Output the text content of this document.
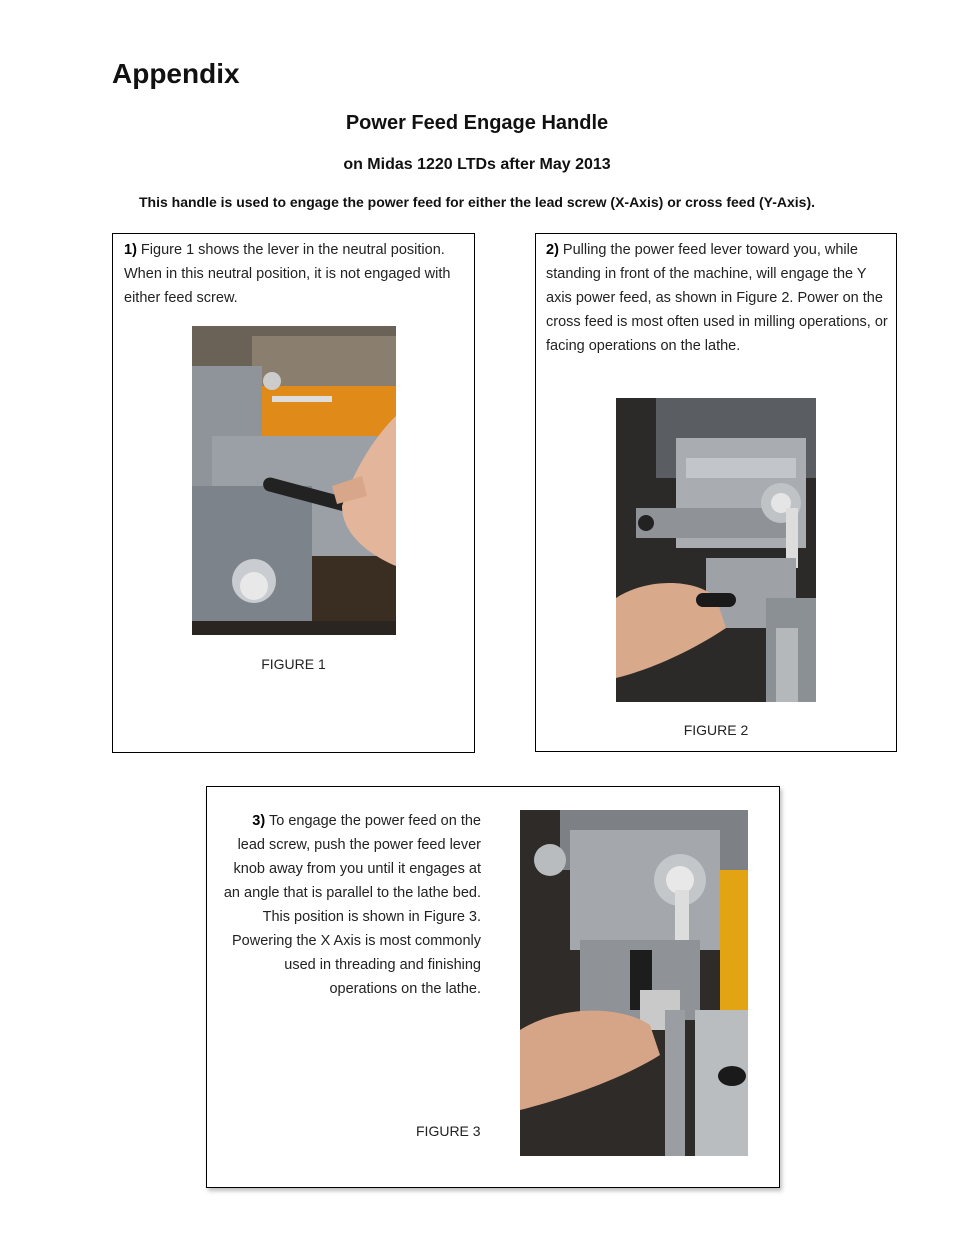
Appendix
Power Feed Engage Handle
on Midas 1220 LTDs after May 2013
This handle is used to engage the power feed for either the lead screw (X-Axis) or cross feed (Y-Axis).
1) Figure 1 shows the lever in the neutral position. When in this neutral position, it is not engaged with either feed screw.
FIGURE 1
2) Pulling the power feed lever toward you, while standing in front of the machine, will engage the Y axis power feed, as shown in Figure 2. Power on the cross feed is most often used in milling operations, or facing operations on the lathe.
FIGURE 2
3) To engage the power feed on the lead screw, push the power feed lever knob away from you until it engages at an angle that is parallel to the lathe bed. This position is shown in Figure 3. Powering the X Axis is most commonly used in threading and finishing operations on the lathe.
FIGURE 3
